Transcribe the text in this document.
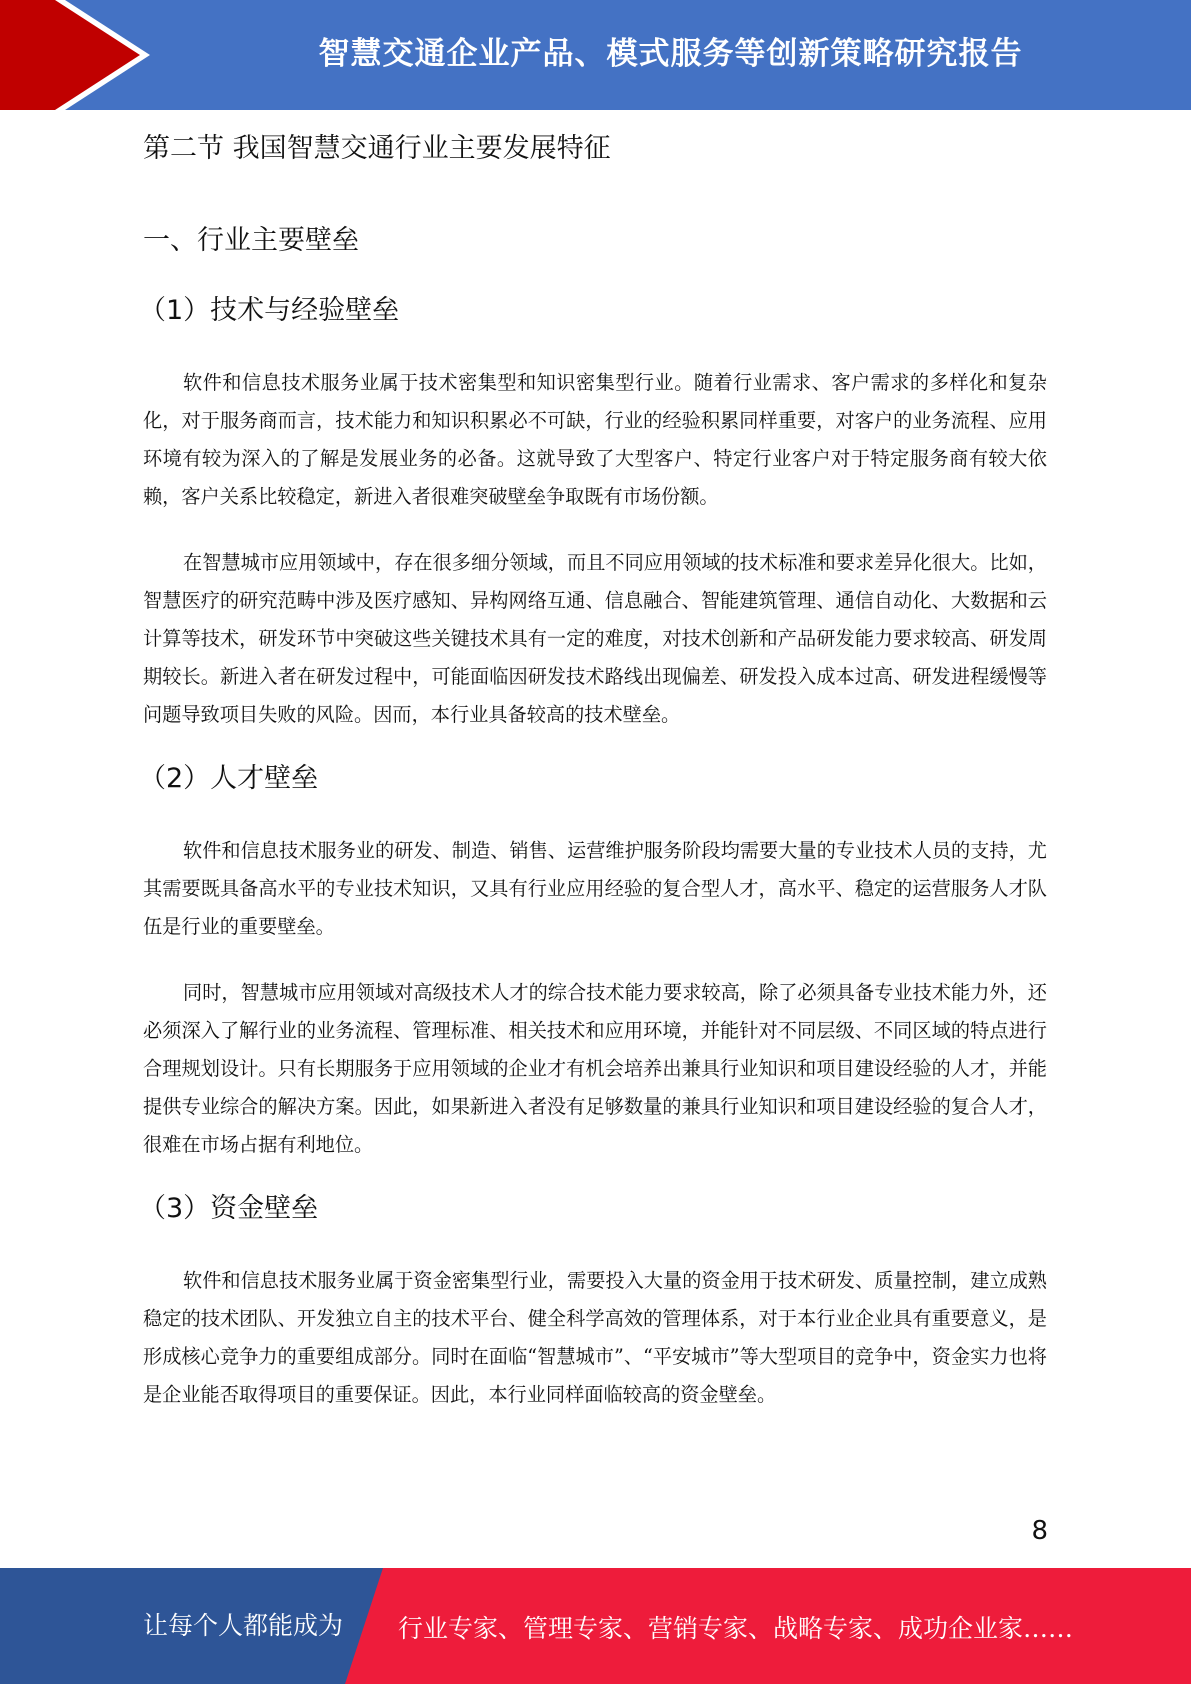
智慧交通企业产品、模式服务等创新策略研究报告
第二节 我国智慧交通行业主要发展特征
一、行业主要壁垒
（1）技术与经验壁垒

软件和信息技术服务业属于技术密集型和知识密集型行业。随着行业需求、客户需求的多样化和复杂化，对于服务商而言，技术能力和知识积累必不可缺，行业的经验积累同样重要，对客户的业务流程、应用环境有较为深入的了解是发展业务的必备。这就导致了大型客户、特定行业客户对于特定服务商有较大依赖，客户关系比较稳定，新进入者很难突破壁垒争取既有市场份额。

在智慧城市应用领域中，存在很多细分领域，而且不同应用领域的技术标准和要求差异化很大。比如，智慧医疗的研究范畴中涉及医疗感知、异构网络互通、信息融合、智能建筑管理、通信自动化、大数据和云计算等技术，研发环节中突破这些关键技术具有一定的难度，对技术创新和产品研发能力要求较高、研发周期较长。新进入者在研发过程中，可能面临因研发技术路线出现偏差、研发投入成本过高、研发进程缓慢等问题导致项目失败的风险。因而，本行业具备较高的技术壁垒。

（2）人才壁垒

软件和信息技术服务业的研发、制造、销售、运营维护服务阶段均需要大量的专业技术人员的支持，尤其需要既具备高水平的专业技术知识，又具有行业应用经验的复合型人才，高水平、稳定的运营服务人才队伍是行业的重要壁垒。

同时，智慧城市应用领域对高级技术人才的综合技术能力要求较高，除了必须具备专业技术能力外，还必须深入了解行业的业务流程、管理标准、相关技术和应用环境，并能针对不同层级、不同区域的特点进行合理规划设计。只有长期服务于应用领域的企业才有机会培养出兼具行业知识和项目建设经验的人才，并能提供专业综合的解决方案。因此，如果新进入者没有足够数量的兼具行业知识和项目建设经验的复合人才，很难在市场占据有利地位。

（3）资金壁垒

软件和信息技术服务业属于资金密集型行业，需要投入大量的资金用于技术研发、质量控制，建立成熟稳定的技术团队、开发独立自主的技术平台、健全科学高效的管理体系，对于本行业企业具有重要意义，是形成核心竞争力的重要组成部分。同时在面临“智慧城市”、“平安城市”等大型项目的竞争中，资金实力也将是企业能否取得项目的重要保证。因此，本行业同样面临较高的资金壁垒。

8
让每个人都能成为 行业专家、管理专家、营销专家、战略专家、成功企业家……
